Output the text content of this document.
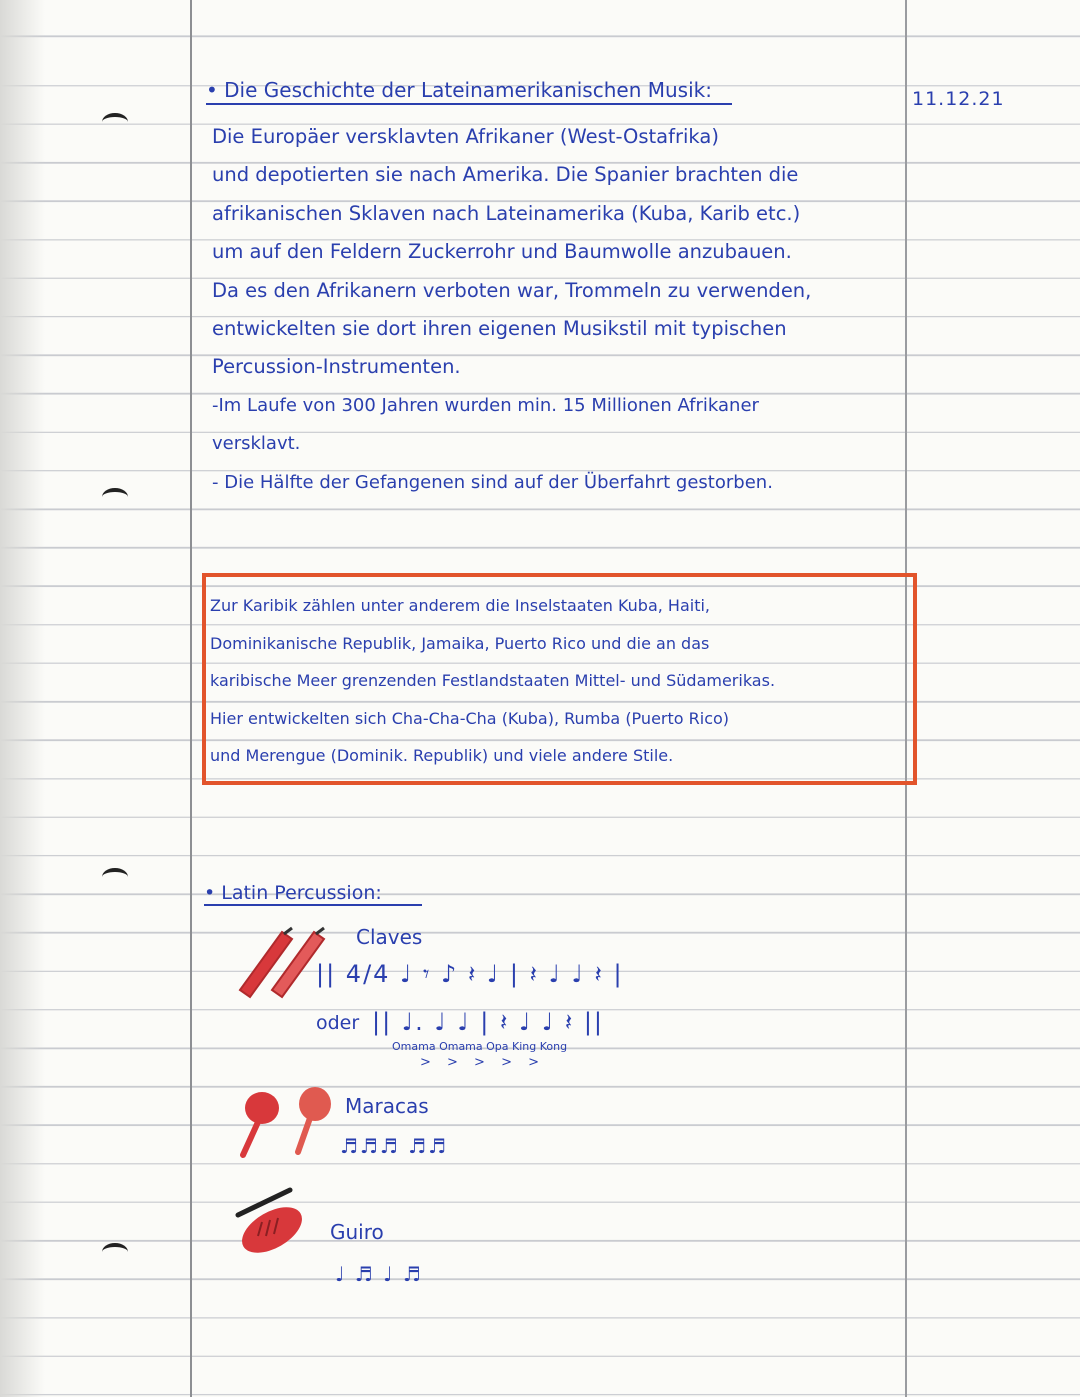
11.12.21
• Die Geschichte der Lateinamerikanischen Musik:
Die Europäer versklavten Afrikaner (West-Ostafrika)
und depotierten sie nach Amerika. Die Spanier brachten die
afrikanischen Sklaven nach Lateinamerika (Kuba, Karib etc.)
um auf den Feldern Zuckerrohr und Baumwolle anzubauen.
Da es den Afrikanern verboten war, Trommeln zu verwenden,
entwickelten sie dort ihren eigenen Musikstil mit typischen
Percussion-Instrumenten.
-Im Laufe von 300 Jahren wurden min. 15 Millionen Afrikaner
versklavt.
- Die Hälfte der Gefangenen sind auf der Überfahrt gestorben.
Zur Karibik zählen unter anderem die Inselstaaten Kuba, Haiti,
Dominikanische Republik, Jamaika, Puerto Rico und die an das
karibische Meer grenzenden Festlandstaaten Mittel- und Südamerikas.
Hier entwickelten sich Cha-Cha-Cha (Kuba), Rumba (Puerto Rico)
und Merengue (Dominik. Republik) und viele andere Stile.
• Latin Percussion:
Claves
|| 4/4 ♩ 𝄾 ♪ 𝄽 ♩ | 𝄽 ♩ ♩ 𝄽 |
oder || ♩. ♩ ♩ | 𝄽 ♩ ♩ 𝄽 ||
Omama Omama Opa King Kong
> > > > >
Maracas
♬♬♬ ♬♬
Guiro
♩ ♬ ♩ ♬
